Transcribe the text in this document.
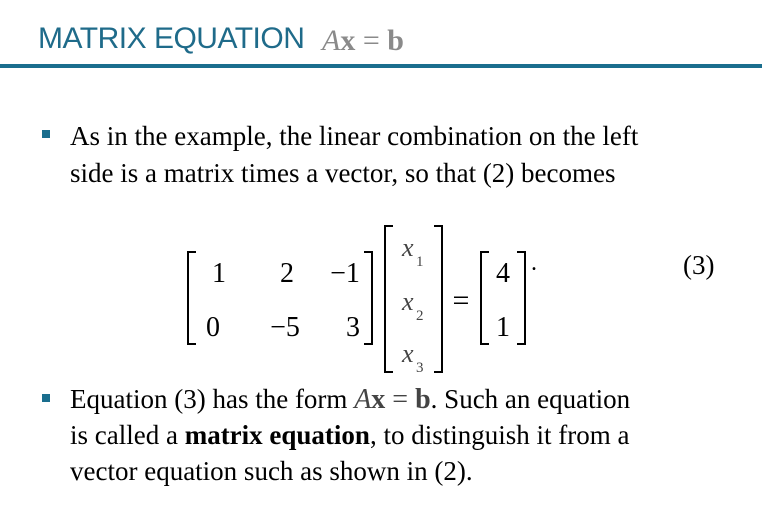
MATRIX EQUATION Ax = b
As in the example, the linear combination on the left
side is a matrix times a vector, so that (2) becomes
1 2 −1
0 −5 3
x
x
x
1
2
3
=
4
1
.	(3)
Equation (3) has the form Ax = b. Such an equation
is called a matrix equation, to distinguish it from a
vector equation such as shown in (2).
